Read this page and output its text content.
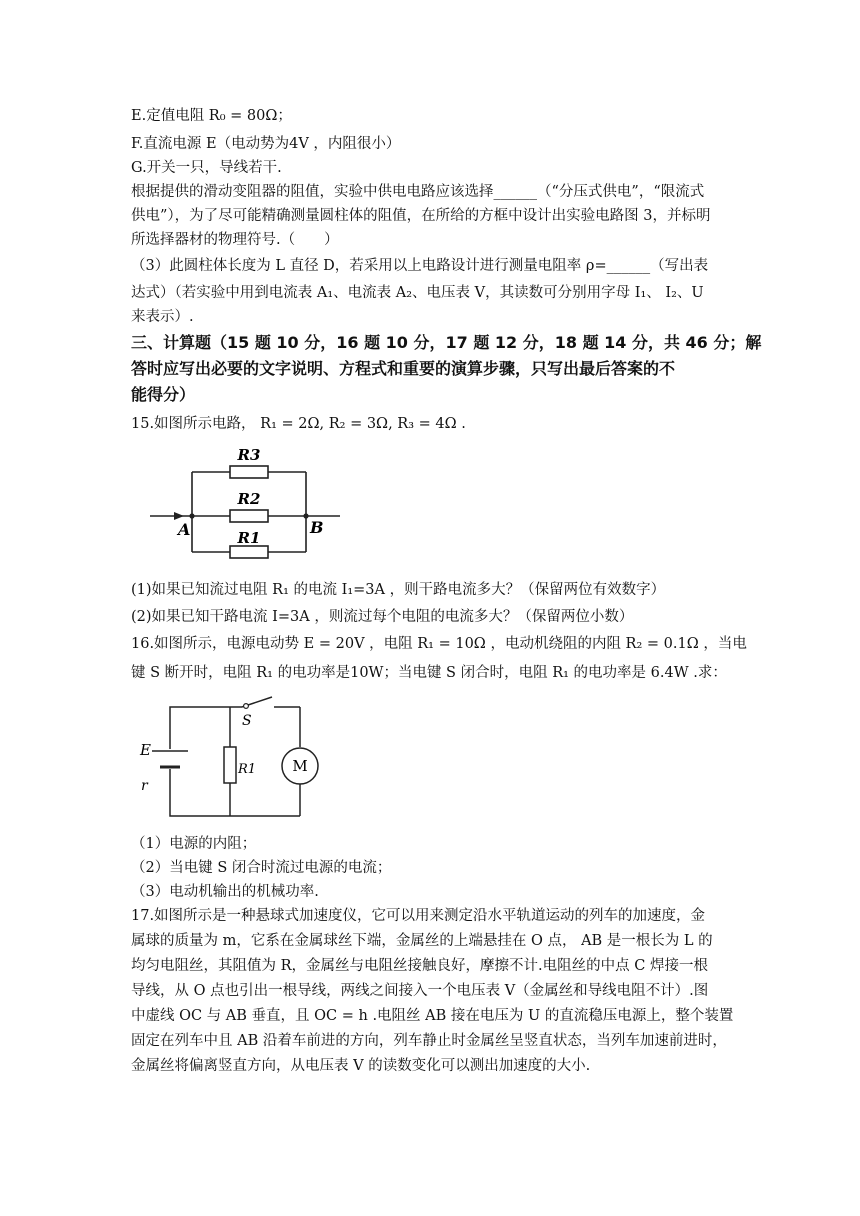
E.定值电阻 R₀ = 80Ω；
F.直流电源 E（电动势为4V ，内阻很小）
G.开关一只，导线若干.
根据提供的滑动变阻器的阻值，实验中供电电路应该选择______（“分压式供电”，“限流式
供电”），为了尽可能精确测量圆柱体的阻值，在所给的方框中设计出实验电路图 3，并标明
所选择器材的物理符号.（　　）
（3）此圆柱体长度为 L 直径 D，若采用以上电路设计进行测量电阻率 ρ=______（写出表
达式）（若实验中用到电流表 A₁、电流表 A₂、电压表 V，其读数可分别用字母 I₁、 I₂、U
来表示）.
三、计算题（15 题 10 分，16 题 10 分，17 题 12 分，18 题 14 分，共 46 分；解
答时应写出必要的文字说明、方程式和重要的演算步骤，只写出最后答案的不
能得分）
15.如图所示电路， R₁ = 2Ω, R₂ = 3Ω, R₃ = 4Ω .
R3
R2
R1
A	B
(1)如果已知流过电阻 R₁ 的电流 I₁=3A ，则干路电流多大？（保留两位有效数字）
(2)如果已知干路电流 I=3A ，则流过每个电阻的电流多大？（保留两位小数）
16.如图所示，电源电动势 E = 20V ，电阻 R₁ = 10Ω ，电动机绕阻的内阻 R₂ = 0.1Ω ，当电
键 S 断开时，电阻 R₁ 的电功率是10W；当电键 S 闭合时，电阻 R₁ 的电功率是 6.4W .求：
S
E
r
R1 M
（1）电源的内阻；
（2）当电键 S 闭合时流过电源的电流；
（3）电动机输出的机械功率.
17.如图所示是一种悬球式加速度仪，它可以用来测定沿水平轨道运动的列车的加速度，金
属球的质量为 m，它系在金属球丝下端，金属丝的上端悬挂在 O 点， AB 是一根长为 L 的
均匀电阻丝，其阻值为 R，金属丝与电阻丝接触良好，摩擦不计.电阻丝的中点 C 焊接一根
导线，从 O 点也引出一根导线，两线之间接入一个电压表 V（金属丝和导线电阻不计）.图
中虚线 OC 与 AB 垂直，且 OC = h .电阻丝 AB 接在电压为 U 的直流稳压电源上，整个装置
固定在列车中且 AB 沿着车前进的方向，列车静止时金属丝呈竖直状态，当列车加速前进时，
金属丝将偏离竖直方向，从电压表 V 的读数变化可以测出加速度的大小.
